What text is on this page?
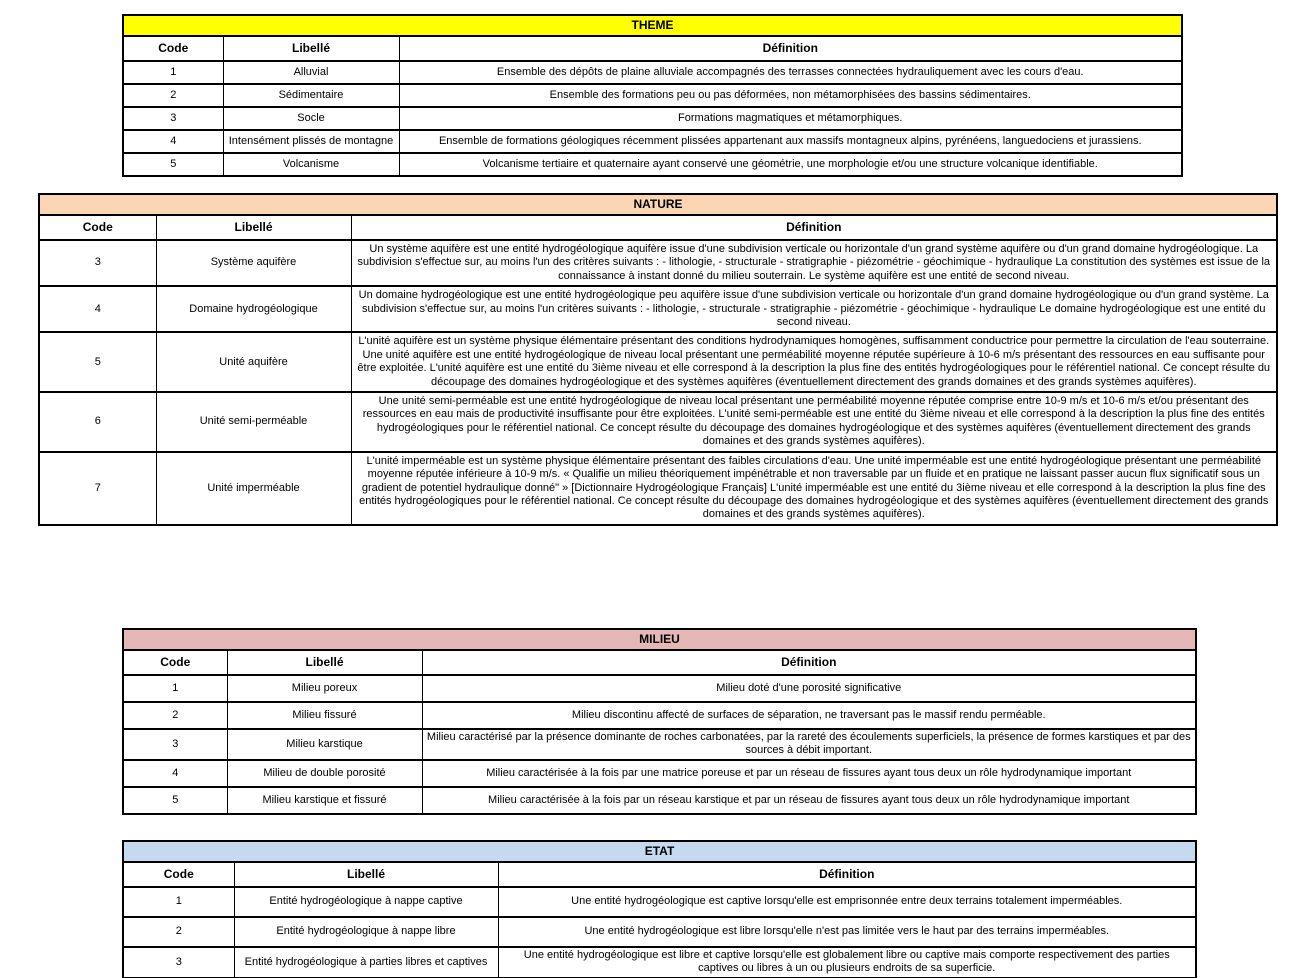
THEME		
Code	Libellé	Définition
1	Alluvial	Ensemble des dépôts de plaine alluviale accompagnés des terrasses connectées hydrauliquement avec les cours d'eau.
2	Sédimentaire	Ensemble des formations peu ou pas déformées, non métamorphisées des bassins sédimentaires.
3	Socle	Formations magmatiques et métamorphiques.
4	Intensément plissés de montagne	Ensemble de formations géologiques récemment plissées appartenant aux massifs montagneux alpins, pyrénéens, languedociens et jurassiens.
5	Volcanisme	Volcanisme tertiaire et quaternaire ayant conservé une géométrie, une morphologie et/ou une structure volcanique identifiable.
NATURE		
Code	Libellé	Définition
3	Système aquifère	Un système aquifère est une entité hydrogéologique aquifère issue d'une subdivision verticale ou horizontale d'un grand système aquifère ou d'un grand domaine hydrogéologique. La subdivision s'effectue sur, au moins l'un des critères suivants : - lithologie, - structurale - stratigraphie - piézométrie - géochimique - hydraulique La constitution des systèmes est issue de la connaissance à instant donné du milieu souterrain. Le système aquifère est une entité de second niveau.
4	Domaine hydrogéologique	Un domaine hydrogéologique est une entité hydrogéologique peu aquifère issue d'une subdivision verticale ou horizontale d'un grand domaine hydrogéologique ou d'un grand système. La subdivision s'effectue sur, au moins l'un critères suivants : - lithologie, - structurale - stratigraphie - piézométrie - géochimique - hydraulique Le domaine hydrogéologique est une entité du second niveau.
5	Unité aquifère	L'unité aquifère est un système physique élémentaire présentant des conditions hydrodynamiques homogènes, suffisamment conductrice pour permettre la circulation de l'eau souterraine. Une unité aquifère est une entité hydrogéologique de niveau local présentant une perméabilité moyenne réputée supérieure à 10-6 m/s présentant des ressources en eau suffisante pour être exploitée. L'unité aquifère est une entité du 3ième niveau et elle correspond à la description la plus fine des entités hydrogéologiques pour le référentiel national. Ce concept résulte du découpage des domaines hydrogéologique et des systèmes aquifères (éventuellement directement des grands domaines et des grands systèmes aquifères).
6	Unité semi-perméable	Une unité semi-perméable est une entité hydrogéologique de niveau local présentant une perméabilité moyenne réputée comprise entre 10-9 m/s et 10-6 m/s et/ou présentant des ressources en eau mais de productivité insuffisante pour être exploitées. L'unité semi-perméable est une entité du 3ième niveau et elle correspond à la description la plus fine des entités hydrogéologiques pour le référentiel national. Ce concept résulte du découpage des domaines hydrogéologique et des systèmes aquifères (éventuellement directement des grands domaines et des grands systèmes aquifères).
7	Unité imperméable	L'unité imperméable est un système physique élémentaire présentant des faibles circulations d'eau. Une unité imperméable est une entité hydrogéologique présentant une perméabilité moyenne réputée inférieure à 10-9 m/s. « Qualifie un milieu théoriquement impénétrable et non traversable par un fluide et en pratique ne laissant passer aucun flux significatif sous un gradient de potentiel hydraulique donné" » [Dictionnaire Hydrogéologique Français] L'unité imperméable est une entité du 3ième niveau et elle correspond à la description la plus fine des entités hydrogéologiques pour le référentiel national. Ce concept résulte du découpage des domaines hydrogéologique et des systèmes aquifères (éventuellement directement des grands domaines et des grands systèmes aquifères).
MILIEU		
Code	Libellé	Définition
1	Milieu poreux	Milieu doté d'une porosité significative
2	Milieu fissuré	Milieu discontinu affecté de surfaces de séparation, ne traversant pas le massif rendu perméable.
3	Milieu karstique	Milieu caractérisé par la présence dominante de roches carbonatées, par la rareté des écoulements superficiels, la présence de formes karstiques et par des sources à débit important.
4	Milieu de double porosité	Milieu caractérisée à la fois par une matrice poreuse et par un réseau de fissures ayant tous deux un rôle hydrodynamique important
5	Milieu karstique et fissuré	Milieu caractérisée à la fois par un réseau karstique et par un réseau de fissures ayant tous deux un rôle hydrodynamique important
ETAT		
Code	Libellé	Définition
1	Entité hydrogéologique à nappe captive	Une entité hydrogéologique est captive lorsqu'elle est emprisonnée entre deux terrains totalement imperméables.
2	Entité hydrogéologique à nappe libre	Une entité hydrogéologique est libre lorsqu'elle n'est pas limitée vers le haut par des terrains imperméables.
3	Entité hydrogéologique à parties libres et captives	Une entité hydrogéologique est libre et captive lorsqu'elle est globalement libre ou captive mais comporte respectivement des parties captives ou libres à un ou plusieurs endroits de sa superficie.
